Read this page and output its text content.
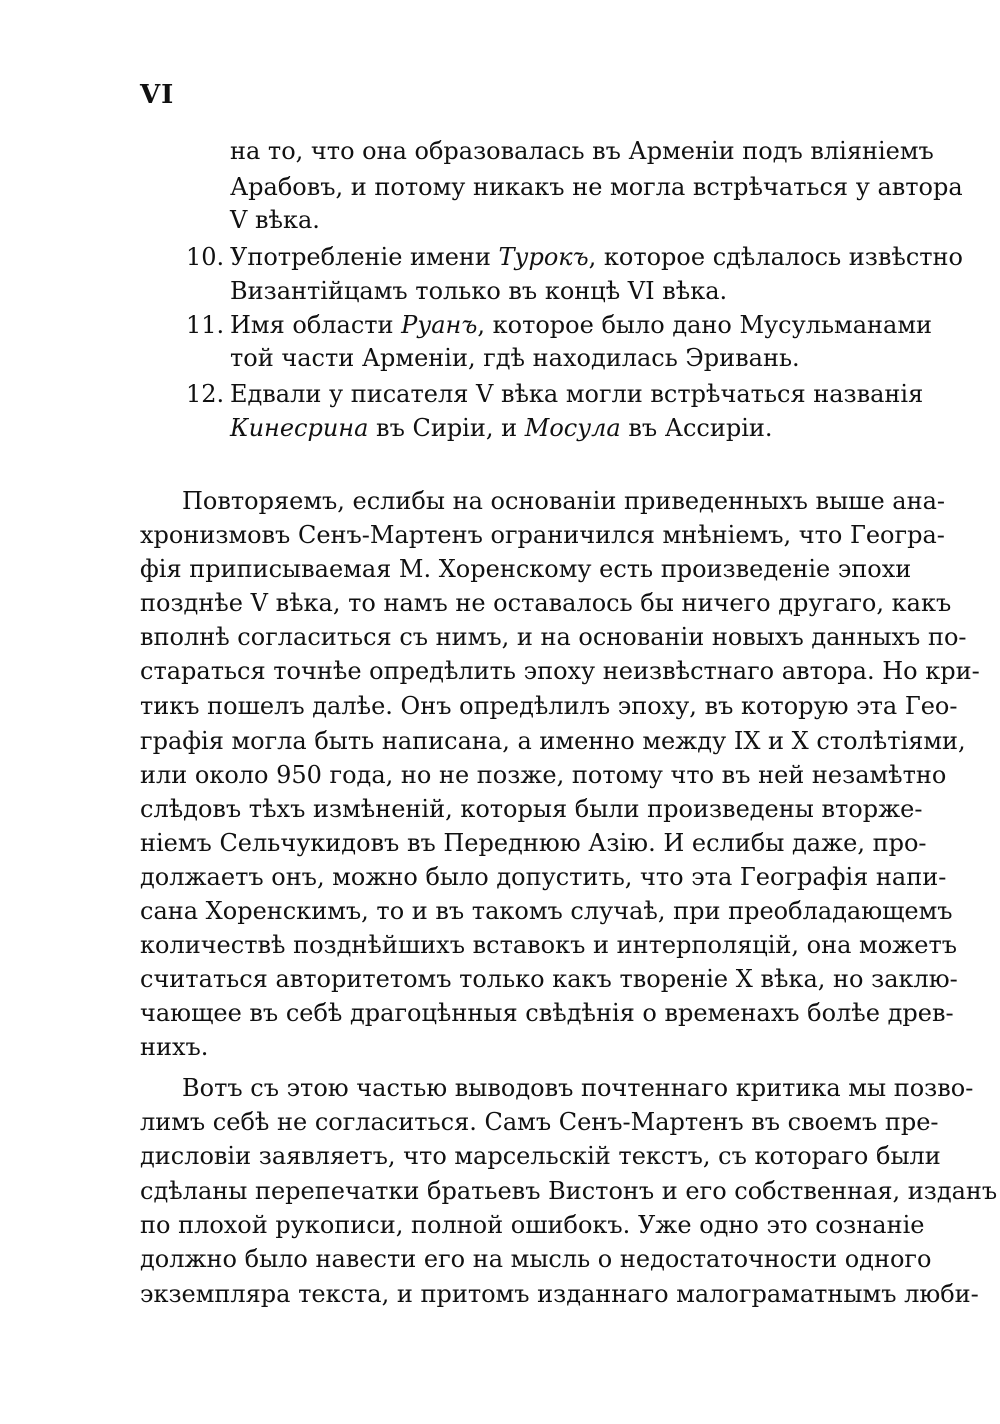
VI
на то, что она образовалась въ Арменіи подъ вліяніемъ
Арабовъ, и потому никакъ не могла встрѣчаться у автора
V вѣка.
10. Употребленіе имени Турокъ, которое сдѣлалось извѣстно
Византійцамъ только въ концѣ VI вѣка.
11. Имя области Руанъ, которое было дано Мусульманами
той части Арменіи, гдѣ находилась Эривань.
12. Едвали у писателя V вѣка могли встрѣчаться названія
Кинесрина въ Сиріи, и Мосула въ Ассиріи.
Повторяемъ, еслибы на основаніи приведенныхъ выше ана-
хронизмовъ Сенъ-Мартенъ ограничился мнѣніемъ, что Геогра-
фія приписываемая М. Хоренскому есть произведеніе эпохи
позднѣе V вѣка, то намъ не оставалось бы ничего другаго, какъ
вполнѣ согласиться съ нимъ, и на основаніи новыхъ данныхъ по-
стараться точнѣе опредѣлить эпоху неизвѣстнаго автора. Но кри-
тикъ пошелъ далѣе. Онъ опредѣлилъ эпоху, въ которую эта Гео-
графія могла быть написана, а именно между IX и X столѣтіями,
или около 950 года, но не позже, потому что въ ней незамѣтно
слѣдовъ тѣхъ измѣненій, которыя были произведены вторже-
ніемъ Сельчукидовъ въ Переднюю Азію. И еслибы даже, про-
должаетъ онъ, можно было допустить, что эта Географія напи-
сана Хоренскимъ, то и въ такомъ случаѣ, при преобладающемъ
количествѣ позднѣйшихъ вставокъ и интерполяцій, она можетъ
считаться авторитетомъ только какъ твореніе X вѣка, но заклю-
чающее въ себѣ драгоцѣнныя свѣдѣнія о временахъ болѣе древ-
нихъ.
Вотъ съ этою частью выводовъ почтеннаго критика мы позво-
лимъ себѣ не согласиться. Самъ Сенъ-Мартенъ въ своемъ пре-
дисловіи заявляетъ, что марсельскій текстъ, съ котораго были
сдѣланы перепечатки братьевъ Вистонъ и его собственная, изданъ
по плохой рукописи, полной ошибокъ. Уже одно это сознаніе
должно было навести его на мысль о недостаточности одного
экземпляра текста, и притомъ изданнаго малограматнымъ люби-
